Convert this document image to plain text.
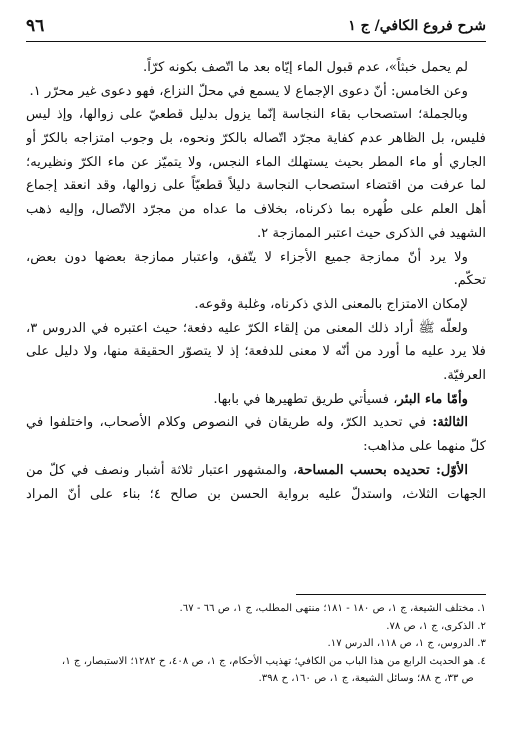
شرح فروع الكافي/ ج ١
٩٦
لم يحمل خبثاً»، عدم قبول الماء إيّاه بعد ما اتّصف بكونه كرّاً.
وعن الخامس: أنّ دعوى الإجماع لا يسمع في محلّ النزاع، فهو دعوى غير محرّر ١.
وبالجملة؛ استصحاب بقاء النجاسة إنّما يزول بدليل قطعيّ على زوالها، وإذ ليس
فليس، بل الظاهر عدم كفاية مجرّد اتّصاله بالكرّ ونحوه، بل وجوب امتزاجه بالكرّ أو
الجاري أو ماء المطر بحيث يستهلك الماء النجس، ولا يتميّز عن ماء الكرّ ونظيريه؛
لما عرفت من اقتضاء استصحاب النجاسة دليلاً قطعيّاً على زوالها، وقد انعقد إجماع
أهل العلم على طُهره بما ذكرناه، بخلاف ما عداه من مجرّد الاتّصال، وإليه ذهب
الشهيد في الذكرى حيث اعتبر الممازجة ٢.
ولا يرد أنّ ممازجة جميع الأجزاء لا يتّفق، واعتبار ممازجة بعضها دون بعض،
تحكّم.
لإمكان الامتزاج بالمعنى الذي ذكرناه، وغلبة وقوعه.
ولعلّه ﷺ أراد ذلك المعنى من إلقاء الكرّ عليه دفعة؛ حيث اعتبره في الدروس ٣،
فلا يرد عليه ما أورد من أنّه لا معنى للدفعة؛ إذ لا يتصوّر الحقيقة منها، ولا دليل على
العرفيّة.
وأمّا ماء البئر، فسيأتي طريق تطهيرها في بابها.
الثالثة: في تحديد الكرّ، وله طريقان في النصوص وكلام الأصحاب، واختلفوا في
كلّ منهما على مذاهب:
الأوّل: تحديده بحسب المساحة، والمشهور اعتبار ثلاثة أشبار ونصف في كلّ من
الجهات الثلاث، واستدلّ عليه برواية الحسن بن صالح ٤؛ بناء على أنّ المراد
١. مختلف الشيعة، ج ١، ص ١٨٠ - ١٨١؛ منتهى المطلب، ج ١، ص ٦٦ - ٦٧.
٢. الذكرى، ج ١، ص ٧٨.
٣. الدروس، ج ١، ص ١١٨، الدرس ١٧.
٤. هو الحديث الرابع من هذا الباب من الكافي؛ تهذيب الأحكام، ج ١، ص ٤٠٨، ح ١٢٨٢؛ الاستبصار، ج ١،
ص ٣٣، ح ٨٨؛ وسائل الشيعة، ج ١، ص ١٦٠، ح ٣٩٨.
